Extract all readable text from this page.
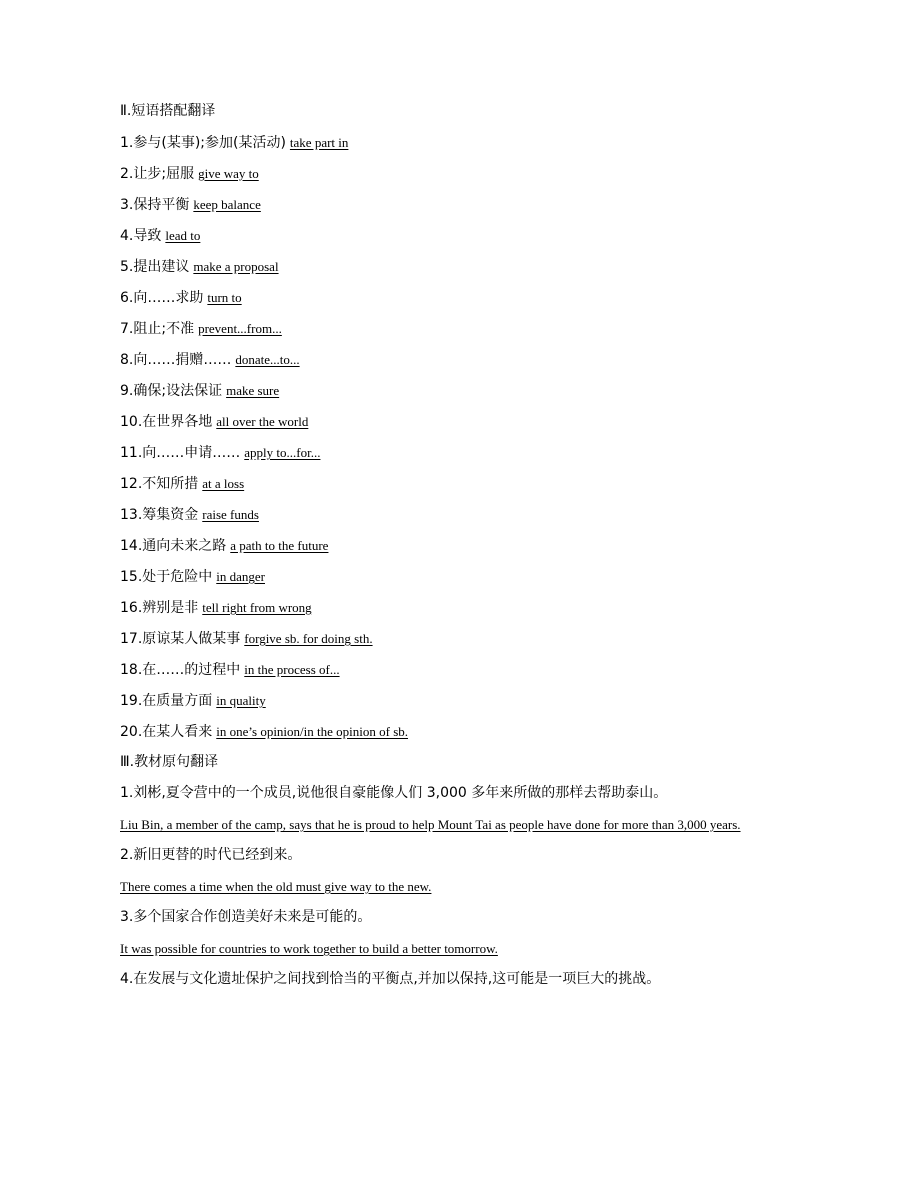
Ⅱ.短语搭配翻译
1.参与(某事);参加(某活动) take part in
2.让步;屈服 give way to
3.保持平衡 keep balance
4.导致 lead to
5.提出建议 make a proposal
6.向……求助 turn to
7.阻止;不准 prevent...from...
8.向……捐赠…… donate...to...
9.确保;设法保证 make sure
10.在世界各地 all over the world
11.向……申请…… apply to...for...
12.不知所措 at a loss
13.筹集资金 raise funds
14.通向未来之路 a path to the future
15.处于危险中 in danger
16.辨别是非 tell right from wrong
17.原谅某人做某事 forgive sb. for doing sth.
18.在……的过程中 in the process of...
19.在质量方面 in quality
20.在某人看来 in one’s opinion/in the opinion of sb.
Ⅲ.教材原句翻译
1.刘彬,夏令营中的一个成员,说他很自豪能像人们 3,000 多年来所做的那样去帮助泰山。
Liu Bin, a member of the camp, says that he is proud to help Mount Tai as people have done for more than 3,000 years.
2.新旧更替的时代已经到来。
There comes a time when the old must give way to the new.
3.多个国家合作创造美好未来是可能的。
It was possible for countries to work together to build a better tomorrow.
4.在发展与文化遗址保护之间找到恰当的平衡点,并加以保持,这可能是一项巨大的挑战。
